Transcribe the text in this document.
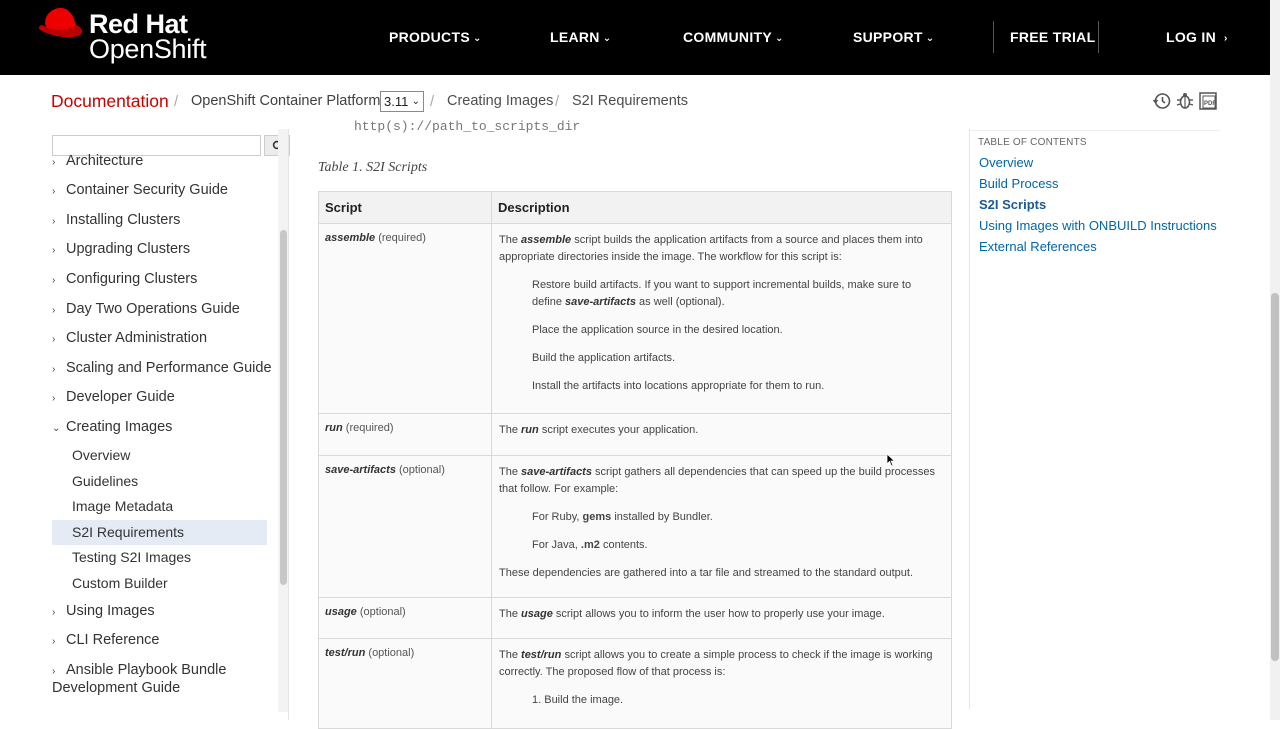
Red Hat
OpenShift	PRODUCTS ⌄	LEARN ⌄	COMMUNITY ⌄	SUPPORT ⌄	FREE TRIAL	LOG IN ›
Documentation / OpenShift Container Platform 3.11 ⌄ / Creating Images / S2I Requirements	PDF
› Architecture
› Container Security Guide
› Installing Clusters
› Upgrading Clusters
› Configuring Clusters
› Day Two Operations Guide
› Cluster Administration
› Scaling and Performance Guide
› Developer Guide
⌄ Creating Images
Overview
Guidelines
Image Metadata
S2I Requirements
Testing S2I Images
Custom Builder
› Using Images
› CLI Reference
› Ansible Playbook Bundle
Development Guide
http(s)://path_to_scripts_dir
Table 1. S2I Scripts
Script	Description
assemble (required)	The assemble script builds the application artifacts from a source and places them into appropriate directories inside the image. The workflow for this script is:
Restore build artifacts. If you want to support incremental builds, make sure to define save-artifacts as well (optional).
Place the application source in the desired location.
Build the application artifacts.
Install the artifacts into locations appropriate for them to run.

run (required)	The run script executes your application.
save-artifacts (optional)	The save-artifacts script gathers all dependencies that can speed up the build processes that follow. For example:
For Ruby, gems installed by Bundler.
For Java, .m2 contents.
These dependencies are gathered into a tar file and streamed to the standard output.

usage (optional)	The usage script allows you to inform the user how to properly use your image.
test/run (optional)	The test/run script allows you to create a simple process to check if the image is working correctly. The proposed flow of that process is:
1. Build the image.
TABLE OF CONTENTS
Overview
Build Process
S2I Scripts
Using Images with ONBUILD Instructions
External References
